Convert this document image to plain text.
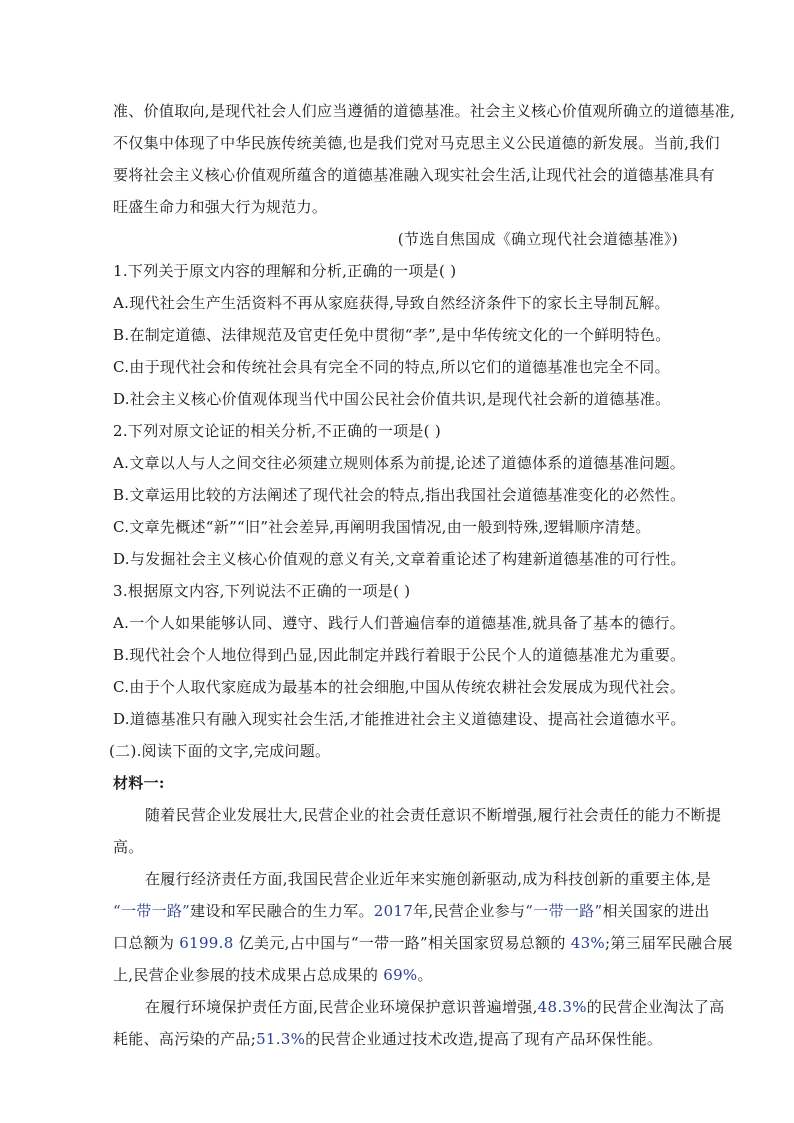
准、价值取向,是现代社会人们应当遵循的道德基准。社会主义核心价值观所确立的道德基准,
不仅集中体现了中华民族传统美德,也是我们党对马克思主义公民道德的新发展。当前,我们
要将社会主义核心价值观所蕴含的道德基准融入现实社会生活,让现代社会的道德基准具有
旺盛生命力和强大行为规范力。
(节选自焦国成《确立现代社会道德基准》)
1.下列关于原文内容的理解和分析,正确的一项是( )
A.现代社会生产生活资料不再从家庭获得,导致自然经济条件下的家长主导制瓦解。
B.在制定道德、法律规范及官吏任免中贯彻“孝”,是中华传统文化的一个鲜明特色。
C.由于现代社会和传统社会具有完全不同的特点,所以它们的道德基准也完全不同。
D.社会主义核心价值观体现当代中国公民社会价值共识,是现代社会新的道德基准。
2.下列对原文论证的相关分析,不正确的一项是( )
A.文章以人与人之间交往必须建立规则体系为前提,论述了道德体系的道德基准问题。
B.文章运用比较的方法阐述了现代社会的特点,指出我国社会道德基准变化的必然性。
C.文章先概述“新”“旧”社会差异,再阐明我国情况,由一般到特殊,逻辑顺序清楚。
D.与发掘社会主义核心价值观的意义有关,文章着重论述了构建新道德基准的可行性。
3.根据原文内容,下列说法不正确的一项是( )
A.一个人如果能够认同、遵守、践行人们普遍信奉的道德基准,就具备了基本的德行。
B.现代社会个人地位得到凸显,因此制定并践行着眼于公民个人的道德基准尤为重要。
C.由于个人取代家庭成为最基本的社会细胞,中国从传统农耕社会发展成为现代社会。
D.道德基准只有融入现实社会生活,才能推进社会主义道德建设、提高社会道德水平。
(二).阅读下面的文字,完成问题。
材料一:
随着民营企业发展壮大,民营企业的社会责任意识不断增强,履行社会责任的能力不断提
高。
在履行经济责任方面,我国民营企业近年来实施创新驱动,成为科技创新的重要主体,是
“一带一路”建设和军民融合的生力军。2017年,民营企业参与“一带一路”相关国家的进出
口总额为 6199.8 亿美元,占中国与“一带一路”相关国家贸易总额的 43%;第三届军民融合展
上,民营企业参展的技术成果占总成果的 69%。
在履行环境保护责任方面,民营企业环境保护意识普遍增强,48.3%的民营企业淘汰了高
耗能、高污染的产品;51.3%的民营企业通过技术改造,提高了现有产品环保性能。
